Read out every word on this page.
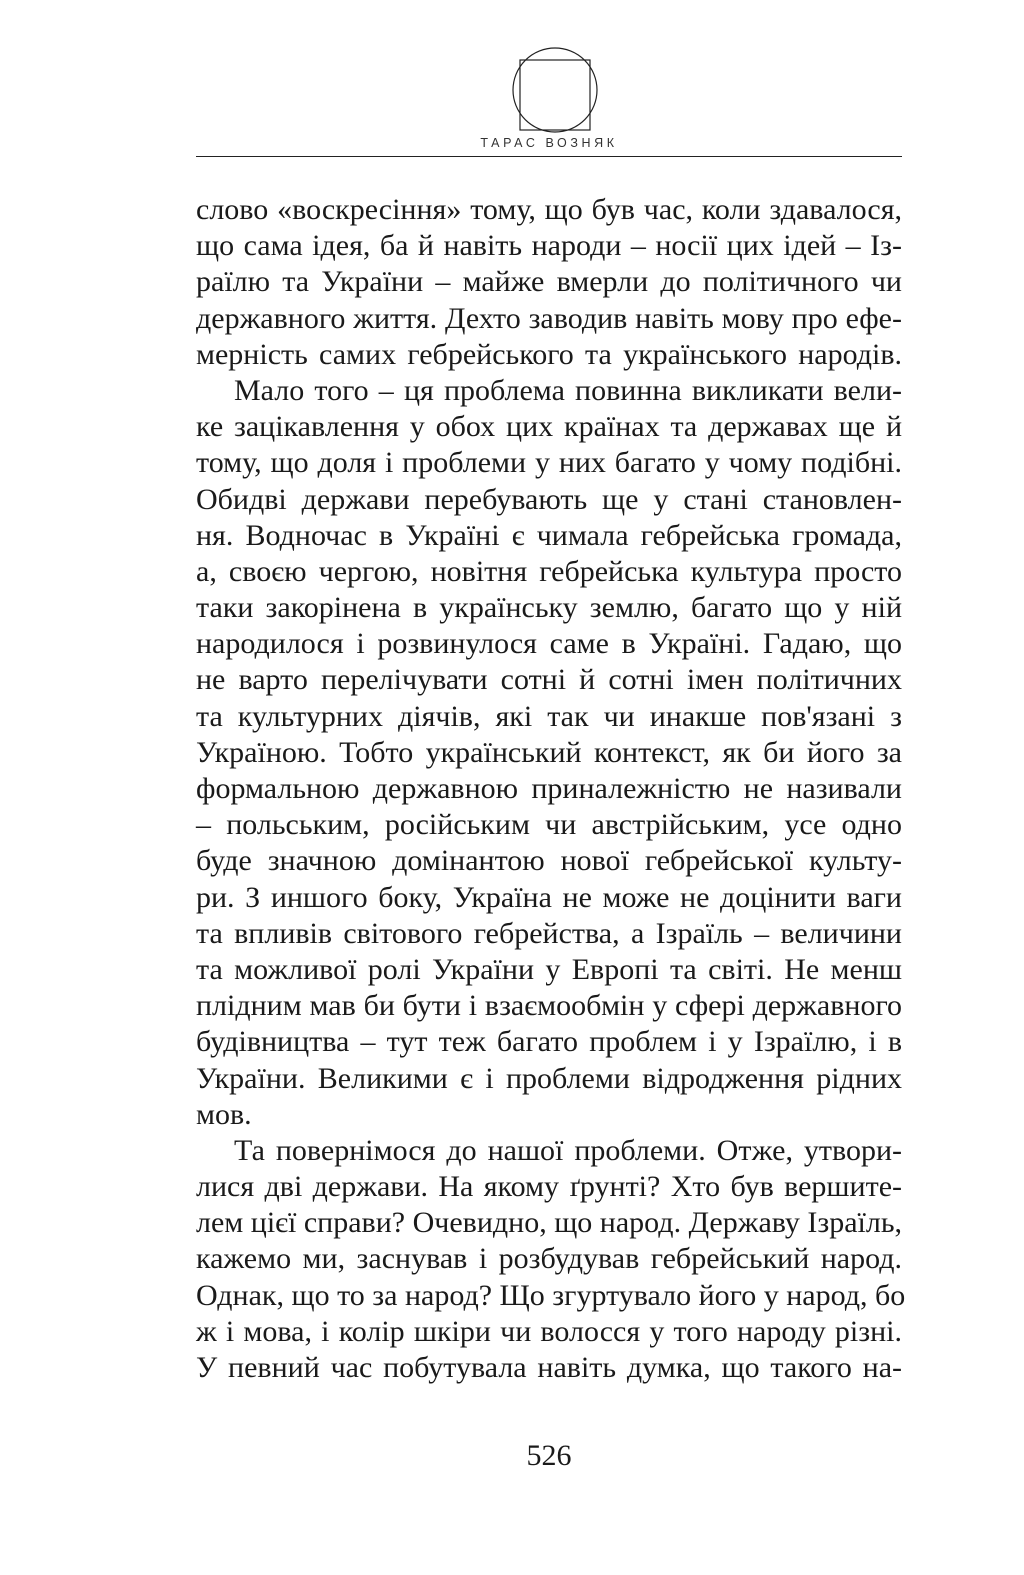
ТАРАС ВОЗНЯК
слово «воскресіння» тому, що був час, коли здавалося,
що сама ідея, ба й навіть народи – носії цих ідей – Із-
раїлю та України – майже вмерли до політичного чи
державного життя. Дехто заводив навіть мову про ефе-
мерність самих гебрейського та українського народів.
Мало того – ця проблема повинна викликати вели-
ке зацікавлення у обох цих країнах та державах ще й
тому, що доля і проблеми у них багато у чому подібні.
Обидві держави перебувають ще у стані становлен-
ня. Водночас в Україні є чимала гебрейська громада,
а, своєю чергою, новітня гебрейська культура просто
таки закорінена в українську землю, багато що у ній
народилося і розвинулося саме в Україні. Гадаю, що
не варто перелічувати сотні й сотні імен політичних
та культурних діячів, які так чи инакше пов'язані з
Україною. Тобто український контекст, як би його за
формальною державною приналежністю не називали
– польським, російським чи австрійським, усе одно
буде значною домінантою нової гебрейської культу-
ри. З иншого боку, Україна не може не доцінити ваги
та впливів світового гебрейства, а Ізраїль – величини
та можливої ролі України у Европі та світі. Не менш
плідним мав би бути і взаємообмін у сфері державного
будівництва – тут теж багато проблем і у Ізраїлю, і в
України. Великими є і проблеми відродження рідних
мов.
Та повернімося до нашої проблеми. Отже, утвори-
лися дві держави. На якому ґрунті? Хто був вершите-
лем цієї справи? Очевидно, що народ. Державу Ізраїль,
кажемо ми, заснував і розбудував гебрейський народ.
Однак, що то за народ? Що згуртувало його у народ, бо
ж і мова, і колір шкіри чи волосся у того народу різні.
У певний час побутувала навіть думка, що такого на-
526
